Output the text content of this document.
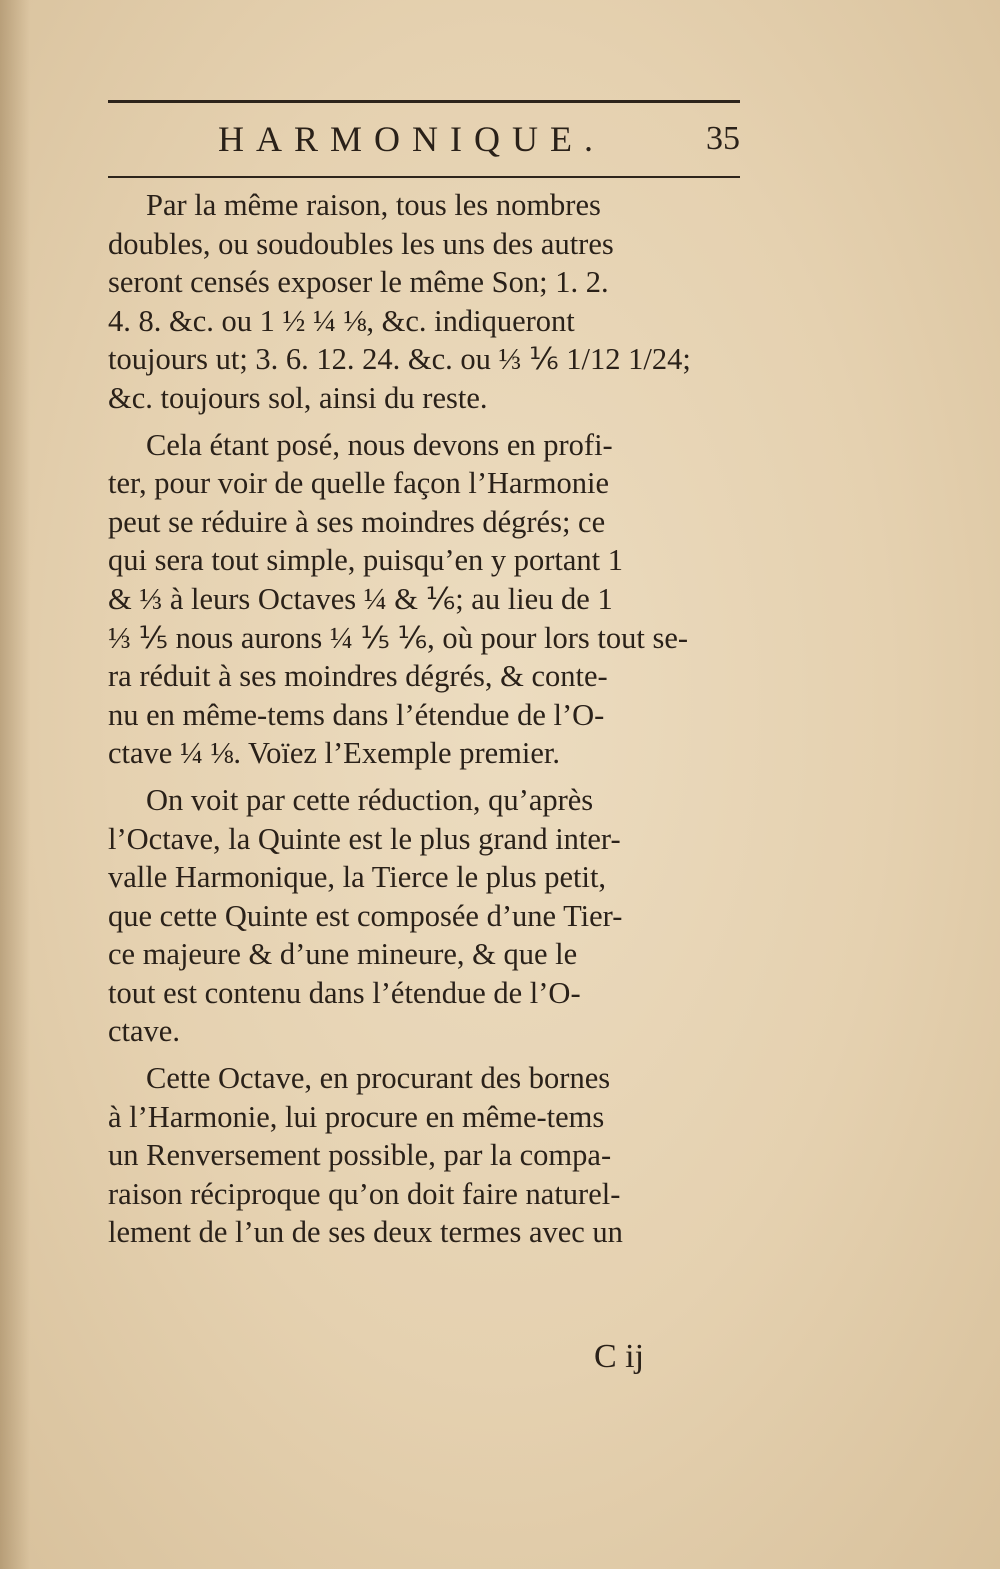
HARMONIQUE.	35
Par la même raison, tous les nombres
doubles, ou soudoubles les uns des autres
seront censés exposer le même Son; 1. 2.
4. 8. &c. ou 1 ½ ¼ ⅛, &c. indiqueront
toujours ut; 3. 6. 12. 24. &c. ou ⅓ ⅙ 1/12 1/24;
&c. toujours sol, ainsi du reste.
Cela étant posé, nous devons en profi-
ter, pour voir de quelle façon l’Harmonie
peut se réduire à ses moindres dégrés; ce
qui sera tout simple, puisqu’en y portant 1
& ⅓ à leurs Octaves ¼ & ⅙; au lieu de 1
⅓ ⅕ nous aurons ¼ ⅕ ⅙, où pour lors tout se-
ra réduit à ses moindres dégrés, & conte-
nu en même-tems dans l’étendue de l’O-
ctave ¼ ⅛. Voïez l’Exemple premier.
On voit par cette réduction, qu’après
l’Octave, la Quinte est le plus grand inter-
valle Harmonique, la Tierce le plus petit,
que cette Quinte est composée d’une Tier-
ce majeure & d’une mineure, & que le
tout est contenu dans l’étendue de l’O-
ctave.
Cette Octave, en procurant des bornes
à l’Harmonie, lui procure en même-tems
un Renversement possible, par la compa-
raison réciproque qu’on doit faire naturel-
lement de l’un de ses deux termes avec un
C ij
